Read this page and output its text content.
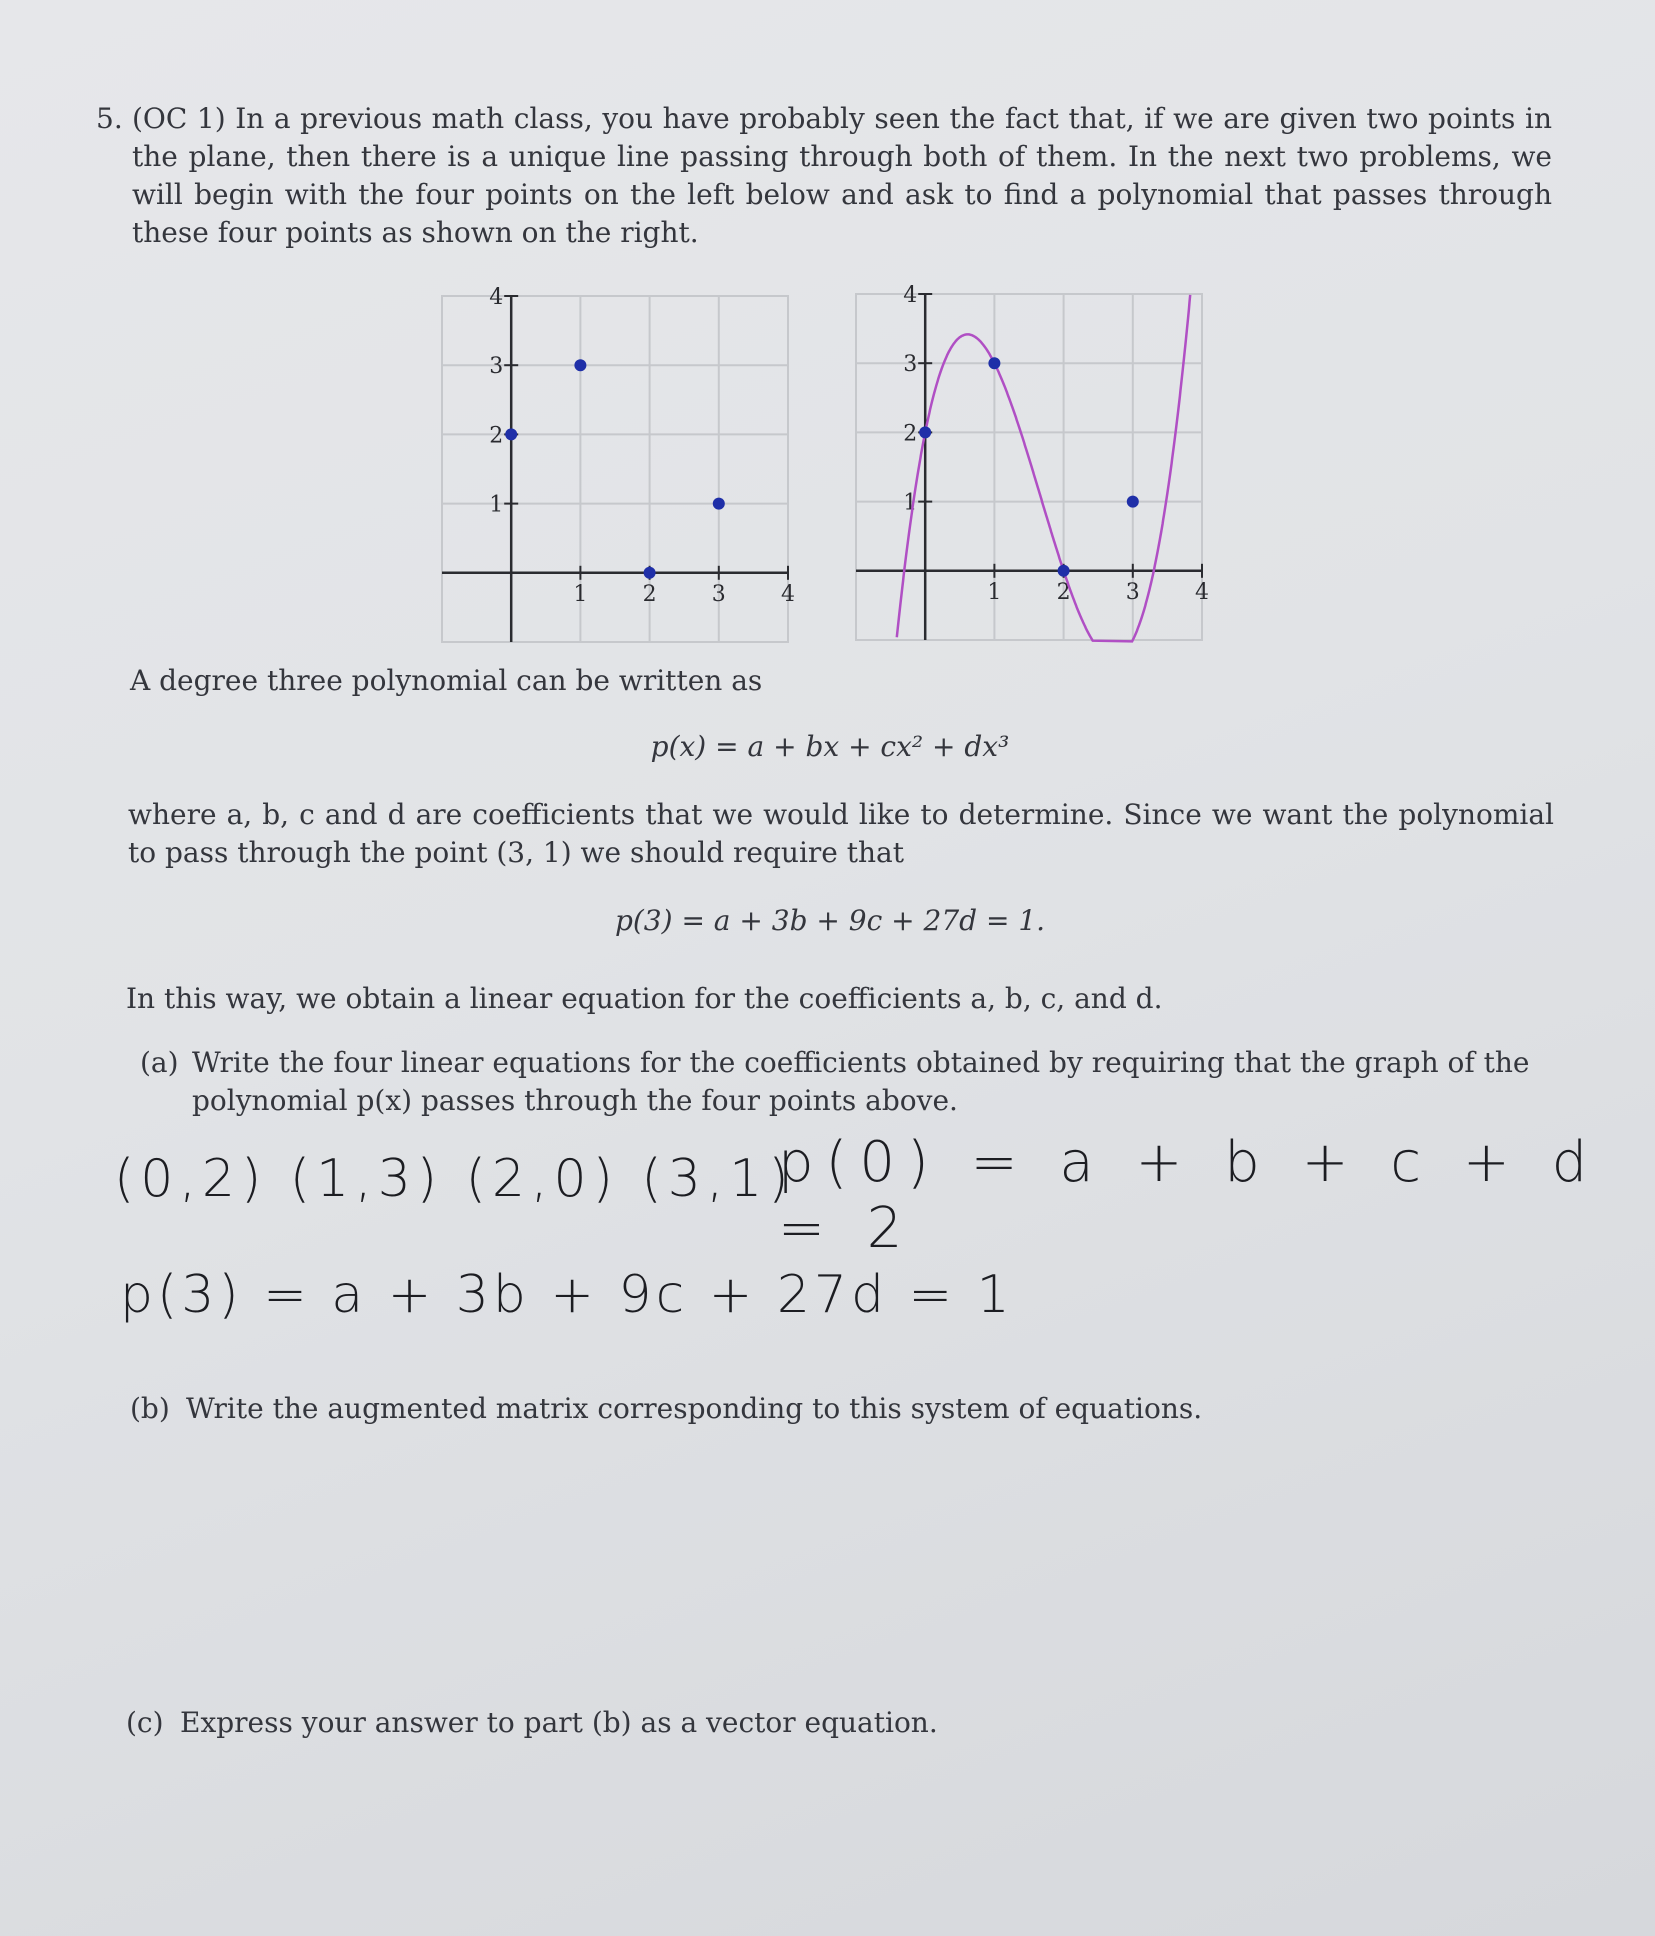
5. (OC 1) In a previous math class, you have probably seen the fact that, if we are given two points in the plane, then there is a unique line passing through both of them. In the next two problems, we will begin with the four points on the left below and ask to find a polynomial that passes through these four points as shown on the right.
1	2	3	4
1
2
3
4
1	2	3	4
1
2
3
4
A degree three polynomial can be written as
p(x) = a + bx + cx² + dx³
where a, b, c and d are coefficients that we would like to determine. Since we want the polynomial to pass through the point (3, 1) we should require that
p(3) = a + 3b + 9c + 27d = 1.
In this way, we obtain a linear equation for the coefficients a, b, c, and d.
(a) Write the four linear equations for the coefficients obtained by requiring that the graph of the polynomial p(x) passes through the four points above.
(0,2) (1,3) (2,0) (3,1)
p(0) = a + b + c + d = 2
p(3) = a + 3b + 9c + 27d = 1
(b) Write the augmented matrix corresponding to this system of equations.
(c) Express your answer to part (b) as a vector equation.
